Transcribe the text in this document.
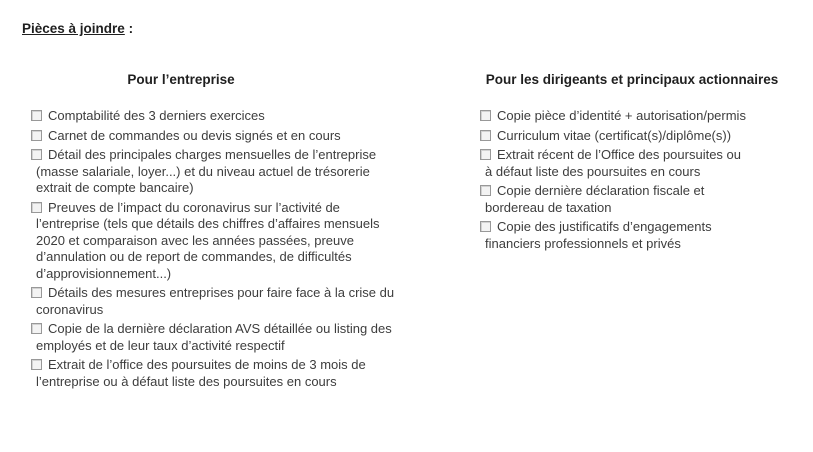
Pièces à joindre :
Pour l’entreprise
Comptabilité des 3 derniers exercices
Carnet de commandes ou devis signés et en cours
Détail des principales charges mensuelles de l’entreprise
(masse salariale, loyer...) et du niveau actuel de trésorerie
extrait de compte bancaire)
Preuves de l’impact du coronavirus sur l’activité de
l’entreprise (tels que détails des chiffres d’affaires mensuels
2020 et comparaison avec les années passées, preuve
d’annulation ou de report de commandes, de difficultés
d’approvisionnement...)
Détails des mesures entreprises pour faire face à la crise du
coronavirus
Copie de la dernière déclaration AVS détaillée ou listing des
employés et de leur taux d’activité respectif
Extrait de l’office des poursuites de moins de 3 mois de
l’entreprise ou à défaut liste des poursuites en cours
Pour les dirigeants et principaux actionnaires
Copie pièce d’identité + autorisation/permis
Curriculum vitae (certificat(s)/diplôme(s))
Extrait récent de l’Office des poursuites ou
à défaut liste des poursuites en cours
Copie dernière déclaration fiscale et
bordereau de taxation
Copie des justificatifs d’engagements
financiers professionnels et privés
